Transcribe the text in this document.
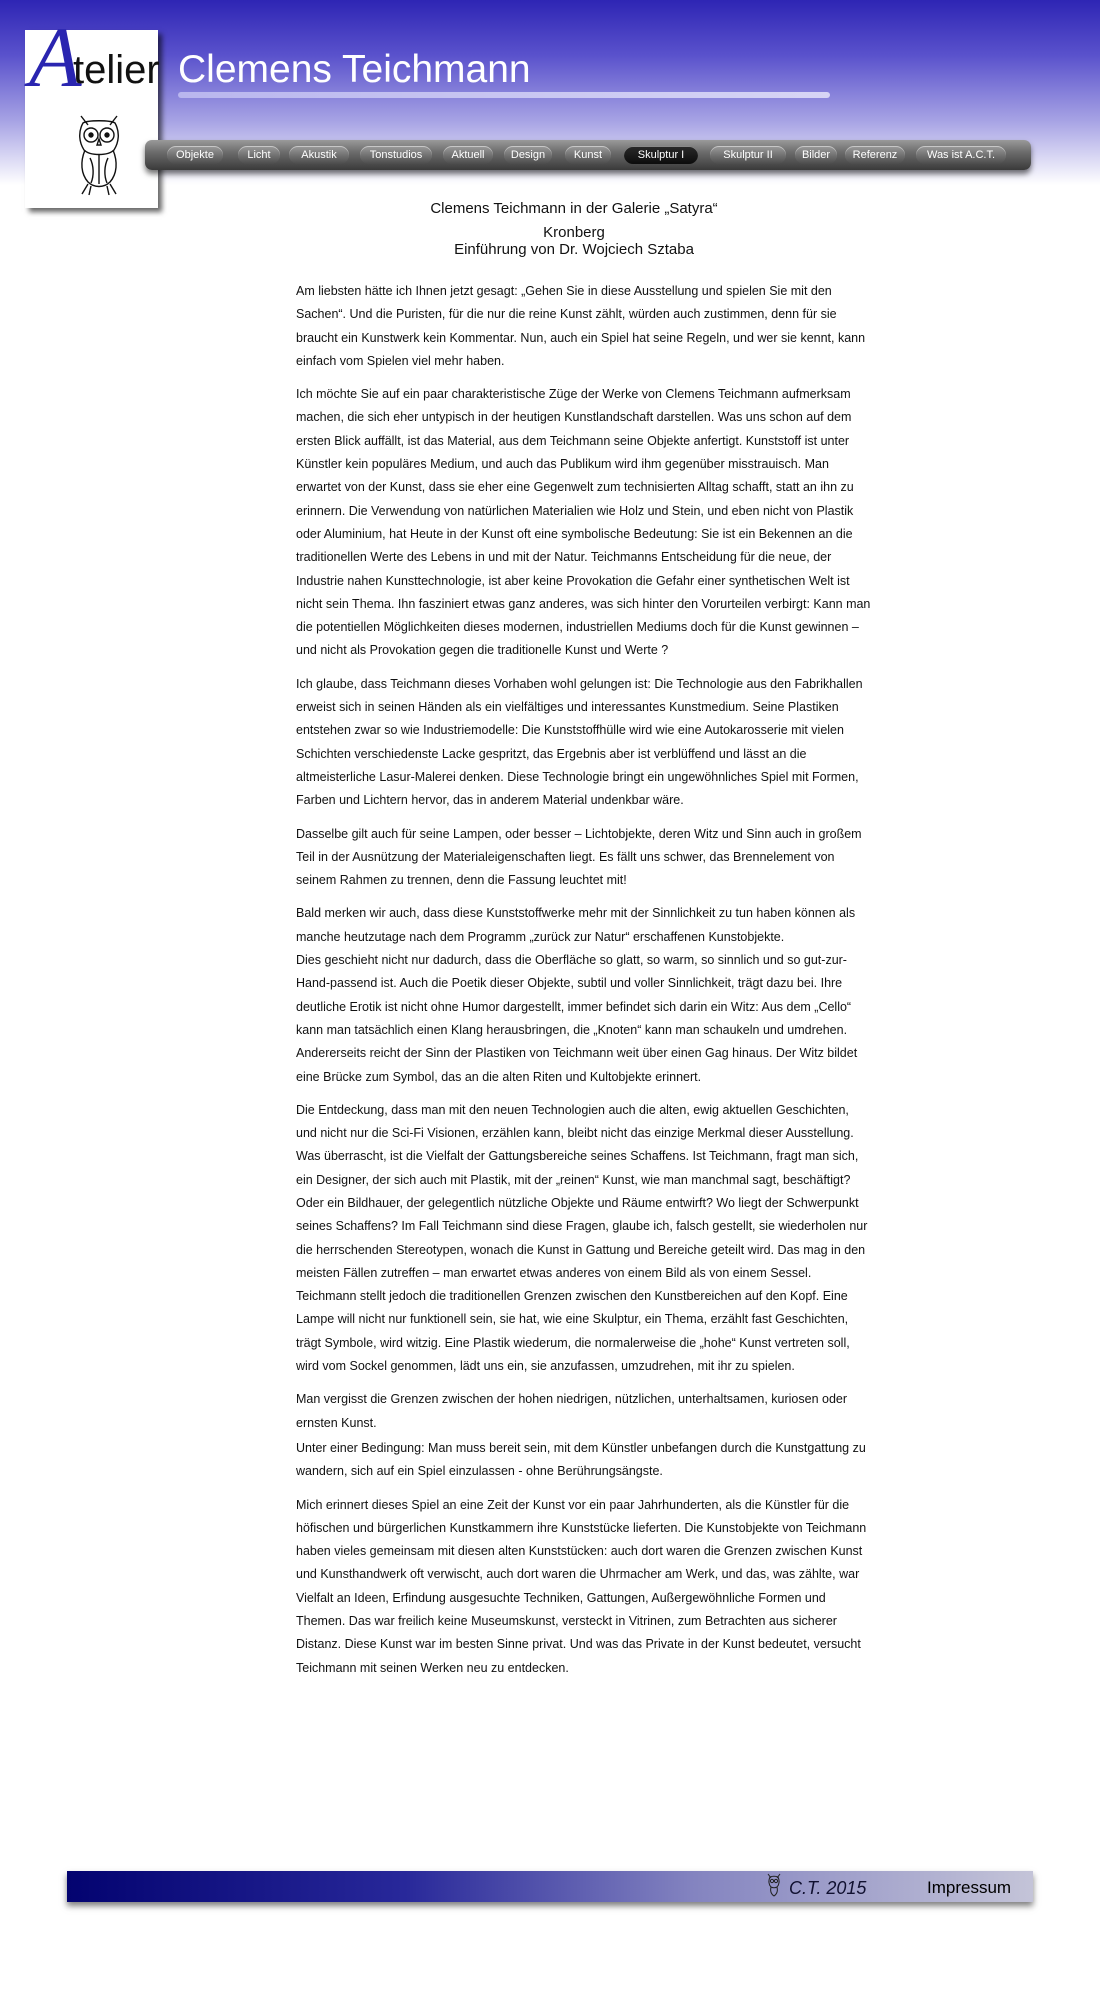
A
telier Clemens Teichmann
Objekte	Licht	Akustik	Tonstudios	Aktuell	Design	Kunst	Skulptur I	Skulptur II	Bilder	Referenz	Was ist A.C.T.
Clemens Teichmann in der Galerie „Satyra“
Kronberg
Einführung von Dr. Wojciech Sztaba

Am liebsten hätte ich Ihnen jetzt gesagt: „Gehen Sie in diese Ausstellung und spielen Sie mit den Sachen“. Und die Puristen, für die nur die reine Kunst zählt, würden auch zustimmen, denn für sie braucht ein Kunstwerk kein Kommentar. Nun, auch ein Spiel hat seine Regeln, und wer sie kennt, kann einfach vom Spielen viel mehr haben.

Ich möchte Sie auf ein paar charakteristische Züge der Werke von Clemens Teichmann aufmerksam machen, die sich eher untypisch in der heutigen Kunstlandschaft darstellen. Was uns schon auf dem ersten Blick auffällt, ist das Material, aus dem Teichmann seine Objekte anfertigt. Kunststoff ist unter Künstler kein populäres Medium, und auch das Publikum wird ihm gegenüber misstrauisch. Man erwartet von der Kunst, dass sie eher eine Gegenwelt zum technisierten Alltag schafft, statt an ihn zu erinnern. Die Verwendung von natürlichen Materialien wie Holz und Stein, und eben nicht von Plastik oder Aluminium, hat Heute in der Kunst oft eine symbolische Bedeutung: Sie ist ein Bekennen an die traditionellen Werte des Lebens in und mit der Natur. Teichmanns Entscheidung für die neue, der Industrie nahen Kunsttechnologie, ist aber keine Provokation die Gefahr einer synthetischen Welt ist nicht sein Thema. Ihn fasziniert etwas ganz anderes, was sich hinter den Vorurteilen verbirgt: Kann man die potentiellen Möglichkeiten dieses modernen, industriellen Mediums doch für die Kunst gewinnen – und nicht als Provokation gegen die traditionelle Kunst und Werte ?

Ich glaube, dass Teichmann dieses Vorhaben wohl gelungen ist: Die Technologie aus den Fabrikhallen erweist sich in seinen Händen als ein vielfältiges und interessantes Kunstmedium. Seine Plastiken entstehen zwar so wie Industriemodelle: Die Kunststoffhülle wird wie eine Autokarosserie mit vielen Schichten verschiedenste Lacke gespritzt, das Ergebnis aber ist verblüffend und lässt an die altmeisterliche Lasur-Malerei denken. Diese Technologie bringt ein ungewöhnliches Spiel mit Formen, Farben und Lichtern hervor, das in anderem Material undenkbar wäre.

Dasselbe gilt auch für seine Lampen, oder besser – Lichtobjekte, deren Witz und Sinn auch in großem Teil in der Ausnützung der Materialeigenschaften liegt. Es fällt uns schwer, das Brennelement von seinem Rahmen zu trennen, denn die Fassung leuchtet mit!

Bald merken wir auch, dass diese Kunststoffwerke mehr mit der Sinnlichkeit zu tun haben können als manche heutzutage nach dem Programm „zurück zur Natur“ erschaffenen Kunstobjekte.

Dies geschieht nicht nur dadurch, dass die Oberfläche so glatt, so warm, so sinnlich und so gut-zur-Hand-passend ist. Auch die Poetik dieser Objekte, subtil und voller Sinnlichkeit, trägt dazu bei. Ihre deutliche Erotik ist nicht ohne Humor dargestellt, immer befindet sich darin ein Witz: Aus dem „Cello“ kann man tatsächlich einen Klang herausbringen, die „Knoten“ kann man schaukeln und umdrehen. Andererseits reicht der Sinn der Plastiken von Teichmann weit über einen Gag hinaus. Der Witz bildet eine Brücke zum Symbol, das an die alten Riten und Kultobjekte erinnert.

Die Entdeckung, dass man mit den neuen Technologien auch die alten, ewig aktuellen Geschichten, und nicht nur die Sci-Fi Visionen, erzählen kann, bleibt nicht das einzige Merkmal dieser Ausstellung. Was überrascht, ist die Vielfalt der Gattungsbereiche seines Schaffens. Ist Teichmann, fragt man sich, ein Designer, der sich auch mit Plastik, mit der „reinen“ Kunst, wie man manchmal sagt, beschäftigt? Oder ein Bildhauer, der gelegentlich nützliche Objekte und Räume entwirft? Wo liegt der Schwerpunkt seines Schaffens? Im Fall Teichmann sind diese Fragen, glaube ich, falsch gestellt, sie wiederholen nur die herrschenden Stereotypen, wonach die Kunst in Gattung und Bereiche geteilt wird. Das mag in den meisten Fällen zutreffen – man erwartet etwas anderes von einem Bild als von einem Sessel. Teichmann stellt jedoch die traditionellen Grenzen zwischen den Kunstbereichen auf den Kopf. Eine Lampe will nicht nur funktionell sein, sie hat, wie eine Skulptur, ein Thema, erzählt fast Geschichten, trägt Symbole, wird witzig. Eine Plastik wiederum, die normalerweise die „hohe“ Kunst vertreten soll, wird vom Sockel genommen, lädt uns ein, sie anzufassen, umzudrehen, mit ihr zu spielen.

Man vergisst die Grenzen zwischen der hohen niedrigen, nützlichen, unterhaltsamen, kuriosen oder ernsten Kunst.

Unter einer Bedingung: Man muss bereit sein, mit dem Künstler unbefangen durch die Kunstgattung zu wandern, sich auf ein Spiel einzulassen - ohne Berührungsängste.

Mich erinnert dieses Spiel an eine Zeit der Kunst vor ein paar Jahrhunderten, als die Künstler für die höfischen und bürgerlichen Kunstkammern ihre Kunststücke lieferten. Die Kunstobjekte von Teichmann haben vieles gemeinsam mit diesen alten Kunststücken: auch dort waren die Grenzen zwischen Kunst und Kunsthandwerk oft verwischt, auch dort waren die Uhrmacher am Werk, und das, was zählte, war Vielfalt an Ideen, Erfindung ausgesuchte Techniken, Gattungen, Außergewöhnliche Formen und Themen. Das war freilich keine Museumskunst, versteckt in Vitrinen, zum Betrachten aus sicherer Distanz. Diese Kunst war im besten Sinne privat. Und was das Private in der Kunst bedeutet, versucht Teichmann mit seinen Werken neu zu entdecken.

C.T. 2015	Impressum
